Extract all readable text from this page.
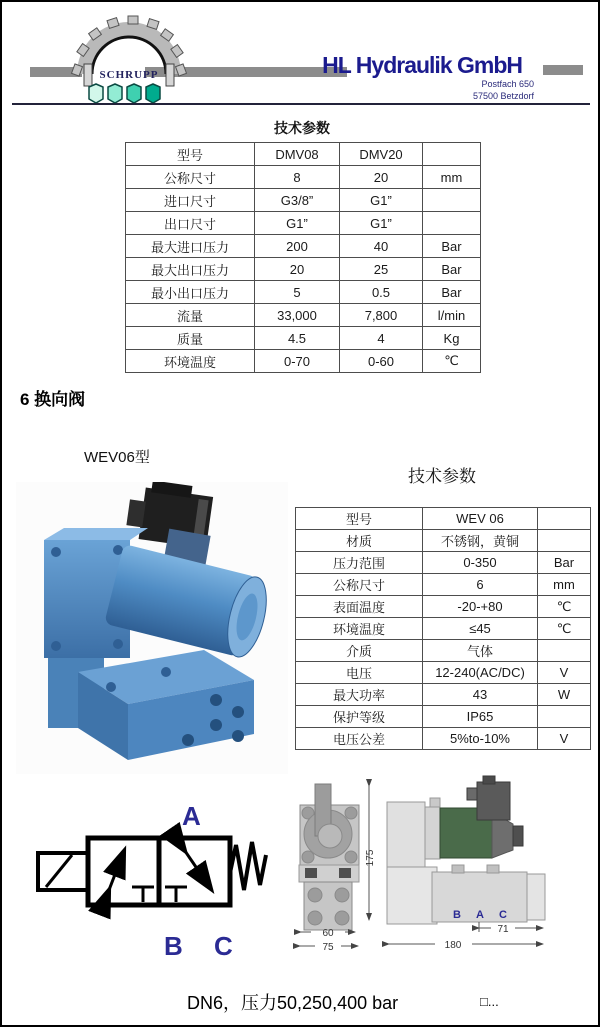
SCHRUPP	HL Hydraulik GmbH
Postfach 650
57500 Betzdorf
技术参数
型号	DMV08	DMV20	
公称尺寸	8	20	mm
进口尺寸	G3/8”	G1”	
出口尺寸	G1”	G1”	
最大进口压力	200	40	Bar
最大出口压力	20	25	Bar
最小出口压力	5	0.5	Bar
流量	33,000	7,800	l/min
质量	4.5	4	Kg
环境温度	0-70	0-60	℃
6 换向阀
WEV06型
技术参数
型号	WEV 06	
材质	不锈钢，黄铜	
压力范围	0-350	Bar
公称尺寸	6	mm
表面温度	-20-+80	℃
环境温度	≤45	℃
介质	气体	
电压	12-240(AC/DC)	V
最大功率	43	W
保护等级	IP65	
电压公差	5%to-10%	V
A
B C
B A C
175
60
75
71
180
DN6，压力50,250,400 bar	□...
